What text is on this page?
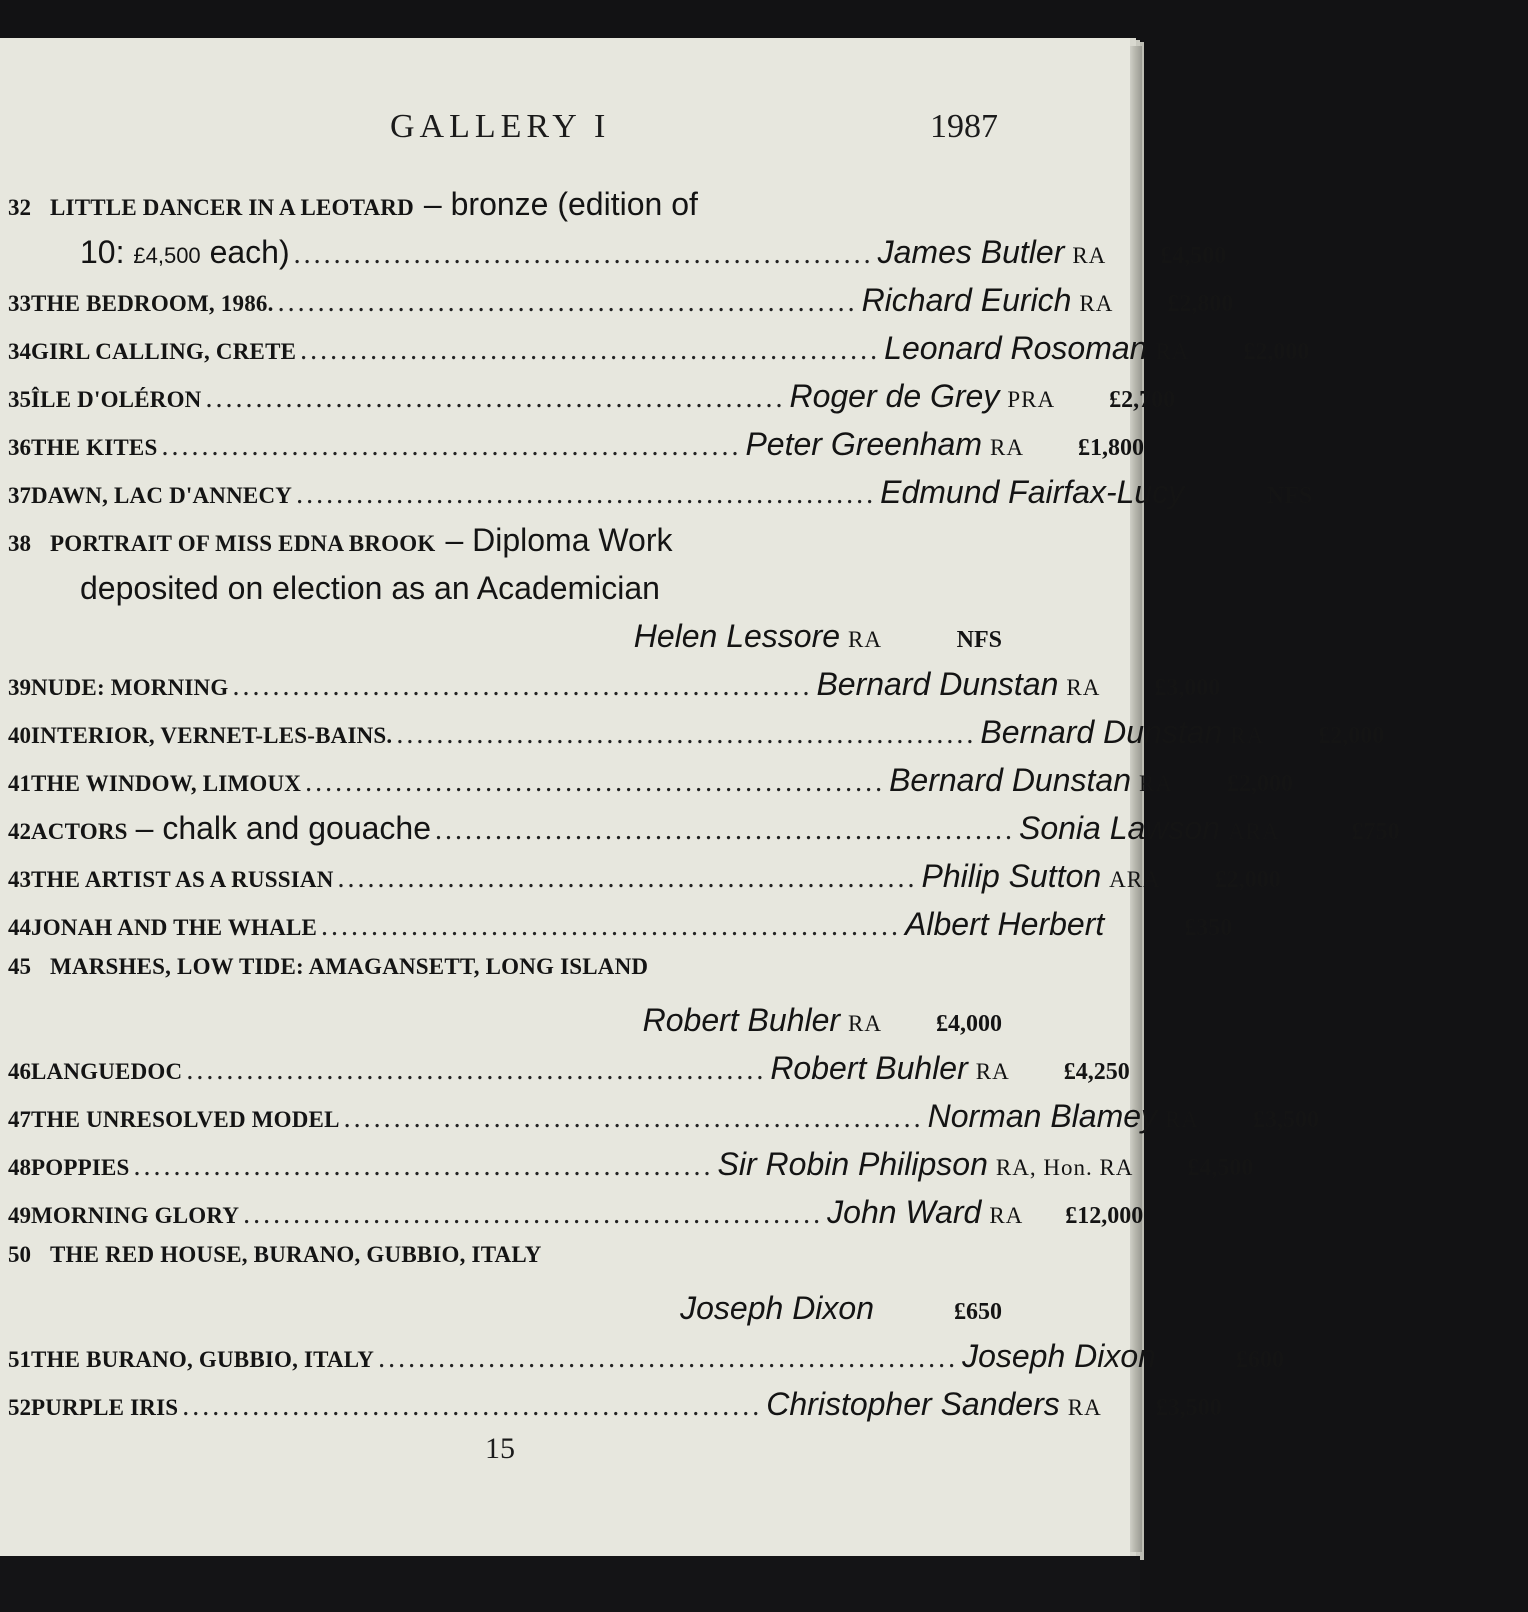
GALLERY I	1987
32 LITTLE DANCER IN A LEOTARD – bronze (edition of
10: £4,500 each) .......................................................... James Butler RA	£4,500
33 THE BEDROOM, 1986. .......................................................... Richard Eurich RA	£2,800
34 GIRL CALLING, CRETE .......................................................... Leonard Rosoman RA	£2,000
35 ÎLE D'OLÉRON .......................................................... Roger de Grey PRA	£2,700
36 THE KITES .......................................................... Peter Greenham RA	£1,800
37 DAWN, LAC D'ANNECY .......................................................... Edmund Fairfax-Lucy	NFS
38 PORTRAIT OF MISS EDNA BROOK – Diploma Work
deposited on election as an Academician
Helen Lessore RA	NFS
39 NUDE: MORNING .......................................................... Bernard Dunstan RA	£3,000
40 INTERIOR, VERNET-LES-BAINS. .......................................................... Bernard Dunstan RA	£2,000
41 THE WINDOW, LIMOUX .......................................................... Bernard Dunstan RA	£2,000
42 ACTORS – chalk and gouache .......................................................... Sonia Lawson ARA	£750
43 THE ARTIST AS A RUSSIAN .......................................................... Philip Sutton ARA	£2,000
44 JONAH AND THE WHALE .......................................................... Albert Herbert	£350
45 MARSHES, LOW TIDE: AMAGANSETT, LONG ISLAND
Robert Buhler RA	£4,000
46 LANGUEDOC .......................................................... Robert Buhler RA	£4,250
47 THE UNRESOLVED MODEL .......................................................... Norman Blamey RA	£3,500
48 POPPIES .......................................................... Sir Robin Philipson RA, Hon. RA	£4,500
49 MORNING GLORY .......................................................... John Ward RA	£12,000
50 THE RED HOUSE, BURANO, GUBBIO, ITALY
Joseph Dixon	£650
51 THE BURANO, GUBBIO, ITALY .......................................................... Joseph Dixon	£600
52 PURPLE IRIS .......................................................... Christopher Sanders RA	£3,500
15
